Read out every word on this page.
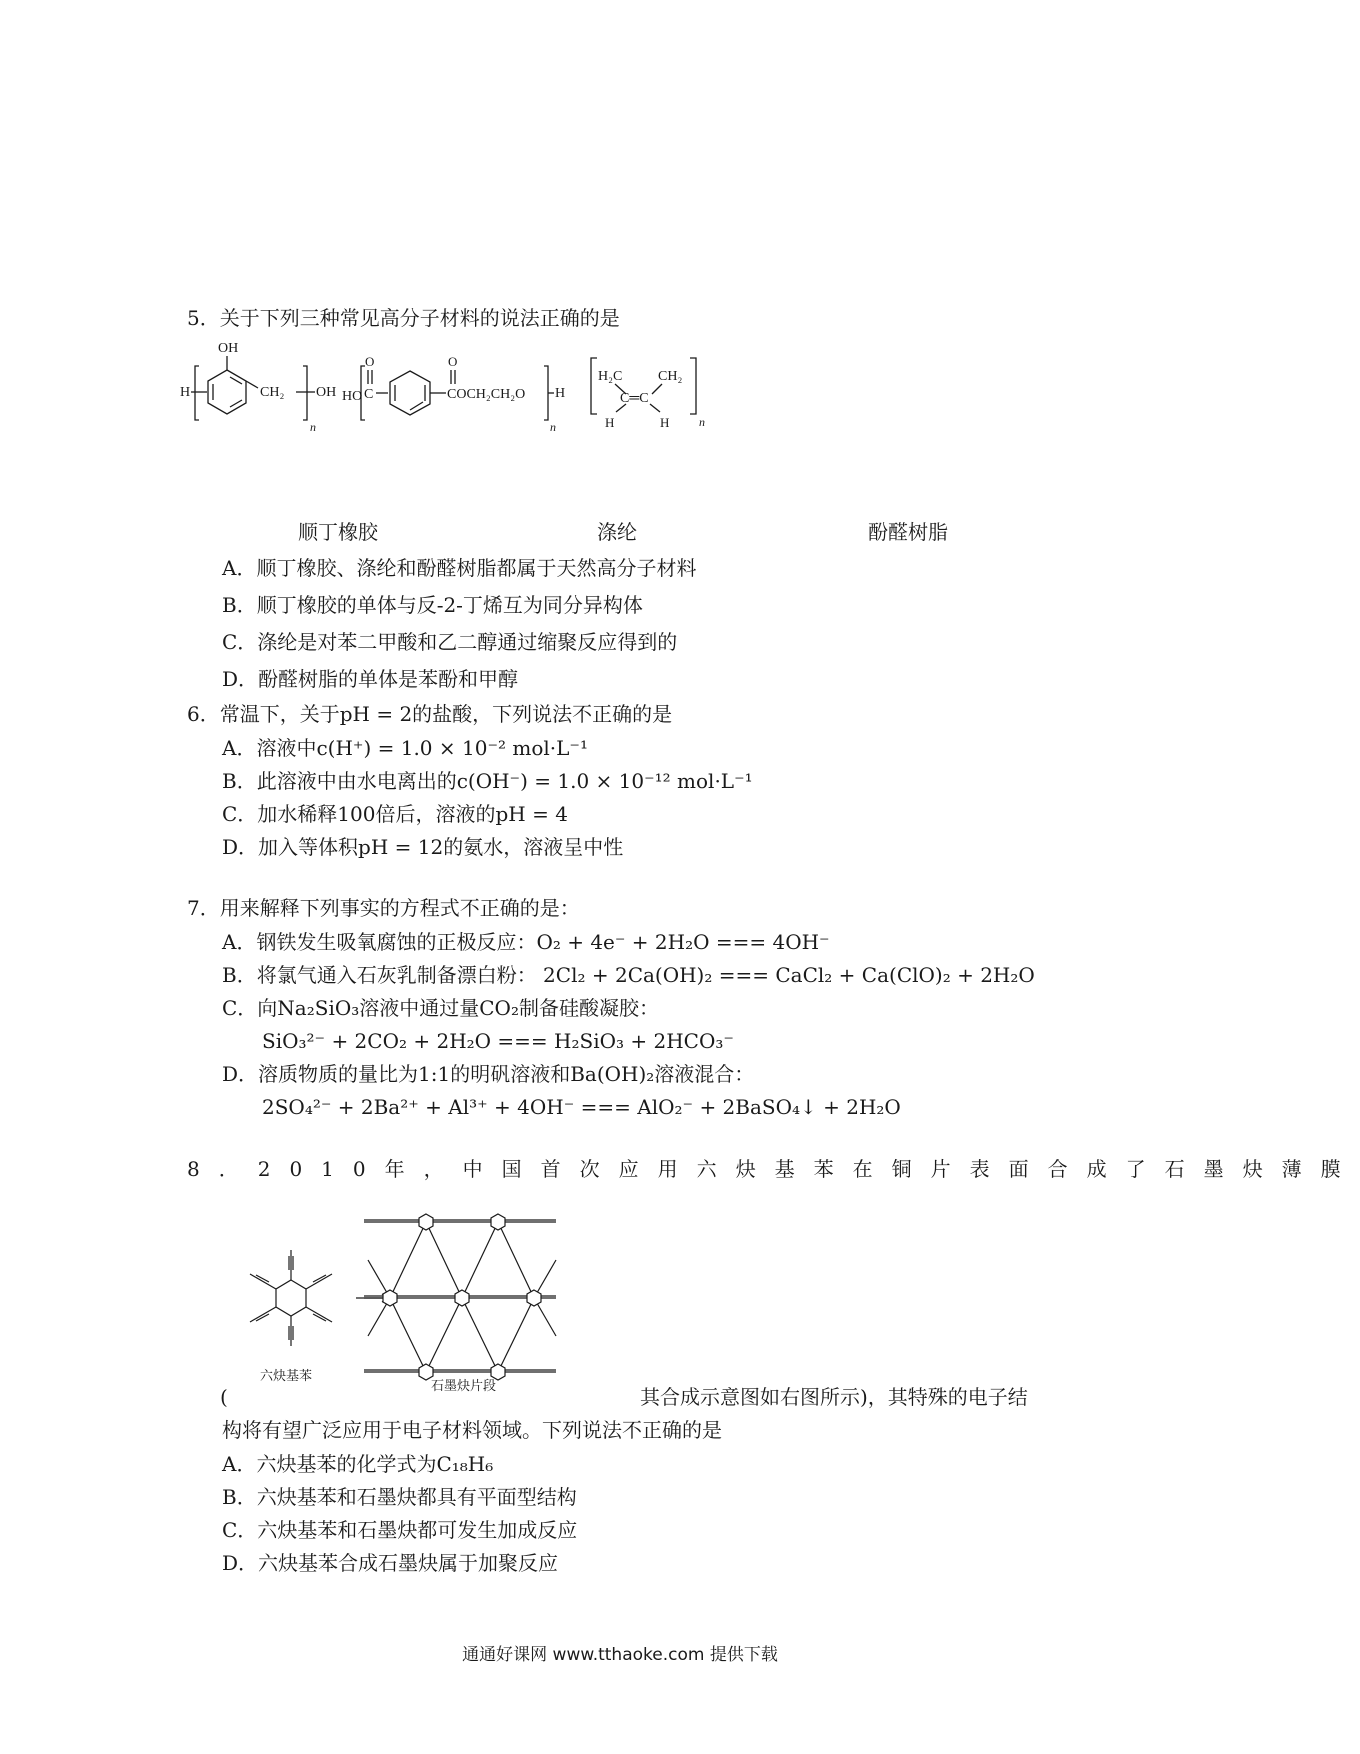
5．关于下列三种常见高分子材料的说法正确的是
H
OH
CH₂
n
OH HO
O
C
O
COCH₂CH₂O
n
H
H₂C
C═C
CH₂
H	H n
顺丁橡胶	涤纶	酚醛树脂
A．顺丁橡胶、涤纶和酚醛树脂都属于天然高分子材料
B．顺丁橡胶的单体与反-2-丁烯互为同分异构体
C．涤纶是对苯二甲酸和乙二醇通过缩聚反应得到的
D．酚醛树脂的单体是苯酚和甲醇
6．常温下，关于pH = 2的盐酸，下列说法不正确的是
A．溶液中c(H⁺) = 1.0 × 10⁻² mol·L⁻¹
B．此溶液中由水电离出的c(OH⁻) = 1.0 × 10⁻¹² mol·L⁻¹
C．加水稀释100倍后，溶液的pH = 4
D．加入等体积pH = 12的氨水，溶液呈中性
7．用来解释下列事实的方程式不正确的是：
A．钢铁发生吸氧腐蚀的正极反应：O₂ + 4e⁻ + 2H₂O === 4OH⁻
B．将氯气通入石灰乳制备漂白粉： 2Cl₂ + 2Ca(OH)₂ === CaCl₂ + Ca(ClO)₂ + 2H₂O
C．向Na₂SiO₃溶液中通过量CO₂制备硅酸凝胶：
SiO₃²⁻ + 2CO₂ + 2H₂O === H₂SiO₃ + 2HCO₃⁻
D．溶质物质的量比为1:1的明矾溶液和Ba(OH)₂溶液混合：
2SO₄²⁻ + 2Ba²⁺ + Al³⁺ + 4OH⁻ === AlO₂⁻ + 2BaSO₄↓ + 2H₂O
8．2010年，中国首次应用六炔基苯在铜片表面合成了石墨炔薄膜
六炔基苯
石墨炔片段
(	其合成示意图如右图所示)，其特殊的电子结
构将有望广泛应用于电子材料领域。下列说法不正确的是
A．六炔基苯的化学式为C₁₈H₆
B．六炔基苯和石墨炔都具有平面型结构
C．六炔基苯和石墨炔都可发生加成反应
D．六炔基苯合成石墨炔属于加聚反应
通通好课网 www.tthaoke.com 提供下载
